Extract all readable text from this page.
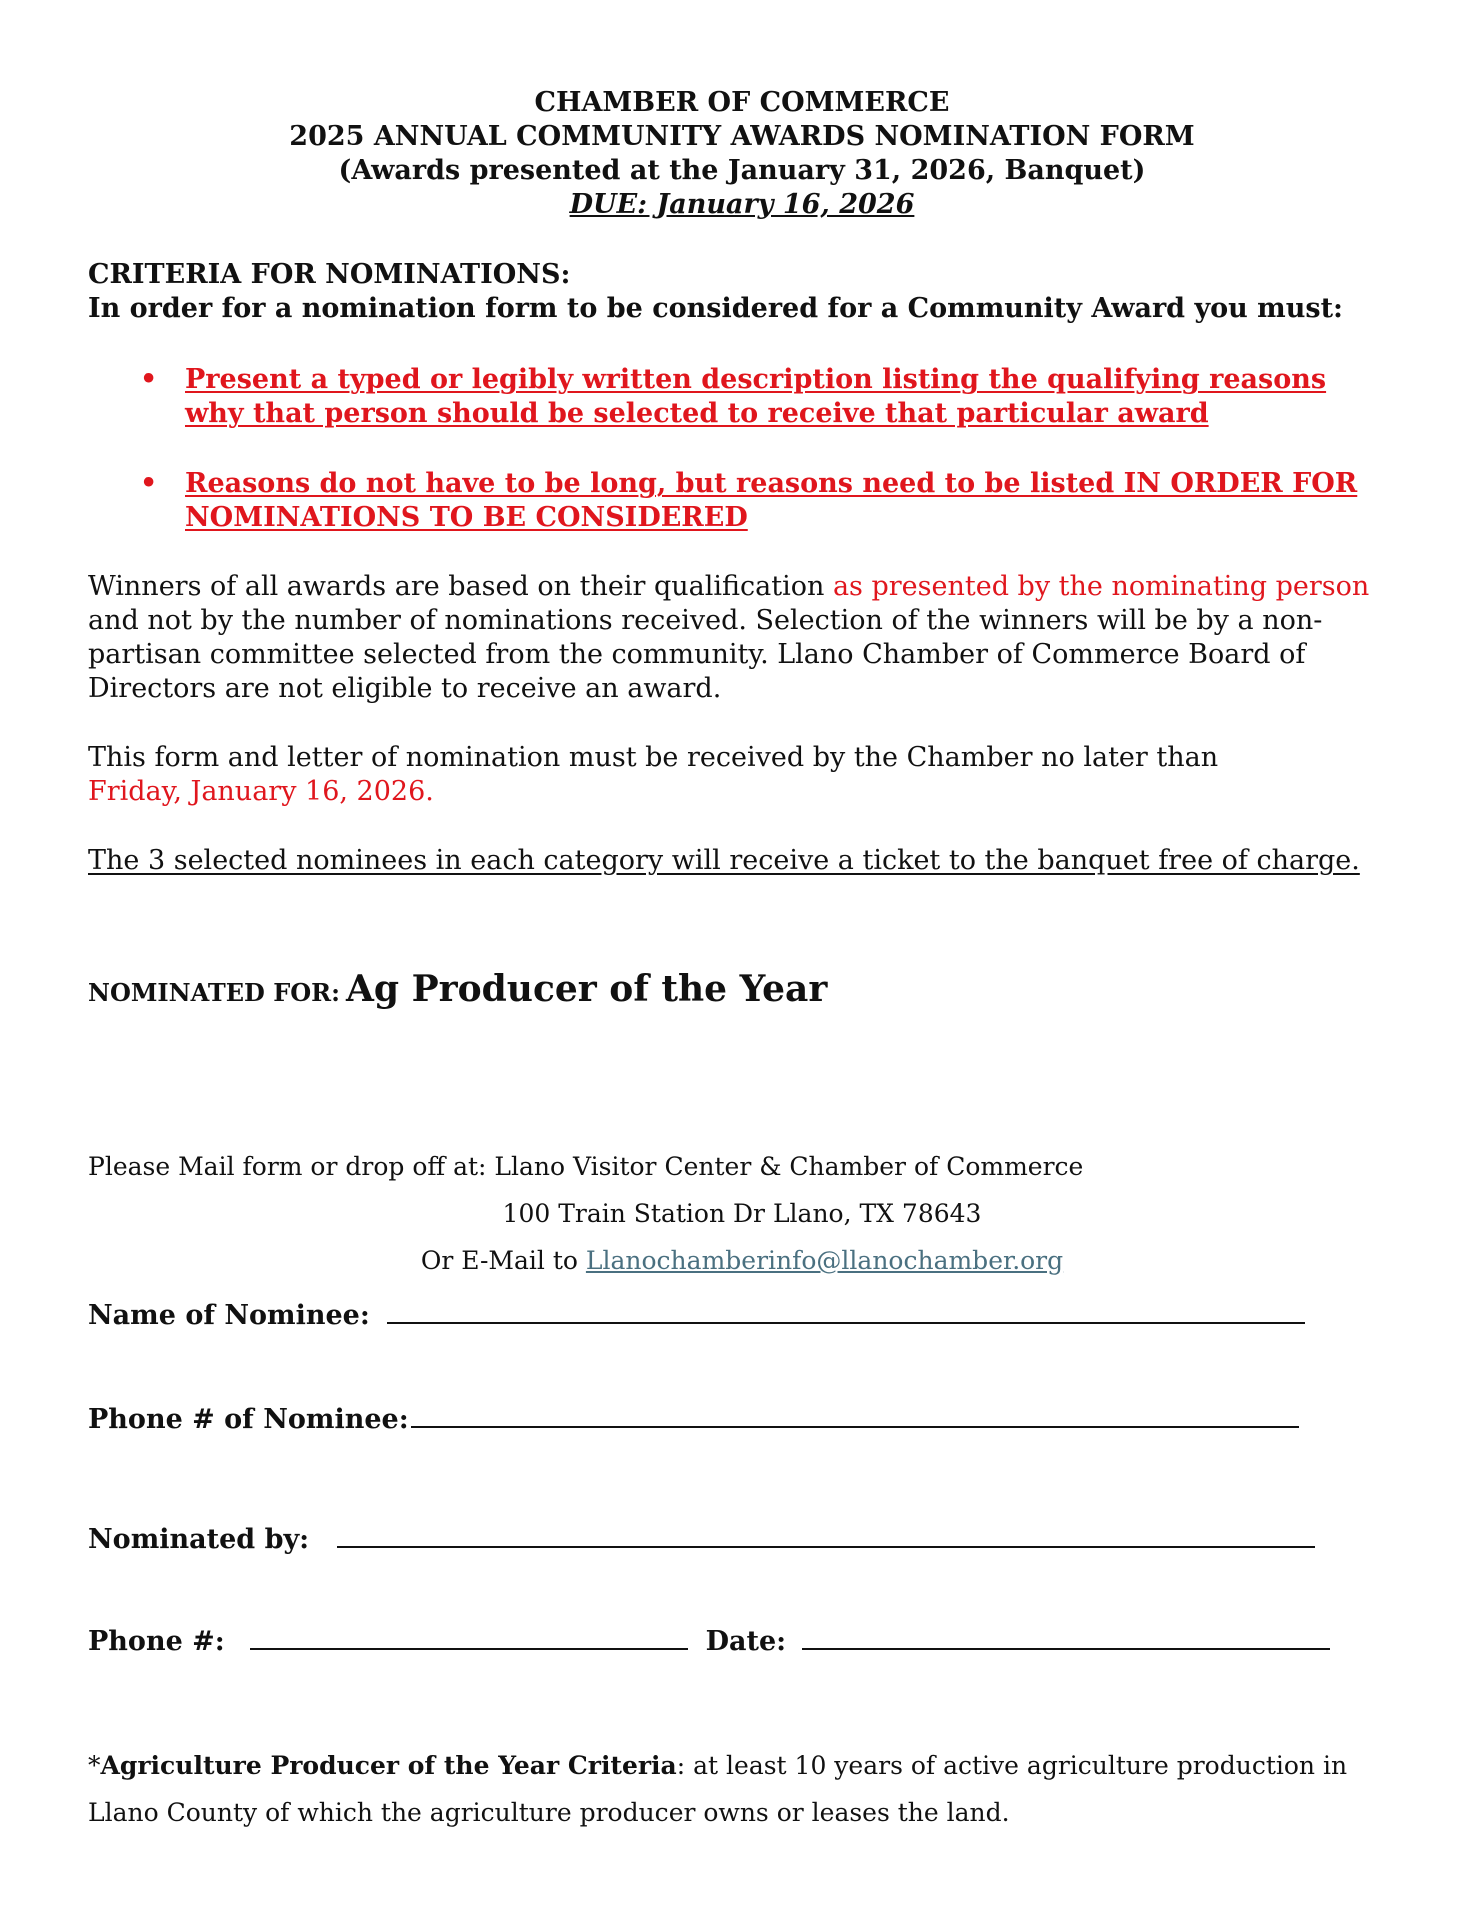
CHAMBER OF COMMERCE
2025 ANNUAL COMMUNITY AWARDS NOMINATION FORM
(Awards presented at the January 31, 2026, Banquet)
DUE: January 16, 2026
CRITERIA FOR NOMINATIONS:
In order for a nomination form to be considered for a Community Award you must:
• Present a typed or legibly written description listing the qualifying reasons why that person should be selected to receive that particular award
• Reasons do not have to be long, but reasons need to be listed IN ORDER FOR NOMINATIONS TO BE CONSIDERED
Winners of all awards are based on their qualification as presented by the nominating person and not by the number of nominations received. Selection of the winners will be by a non-partisan committee selected from the community. Llano Chamber of Commerce Board of Directors are not eligible to receive an award.
This form and letter of nomination must be received by the Chamber no later than
Friday, January 16, 2026.
The 3 selected nominees in each category will receive a ticket to the banquet free of charge.
NOMINATED FOR: Ag Producer of the Year
Please Mail form or drop off at: Llano Visitor Center & Chamber of Commerce
100 Train Station Dr Llano, TX 78643
Or E-Mail to Llanochamberinfo@llanochamber.org
Name of Nominee:
Phone # of Nominee:
Nominated by:
Phone #:	Date:
*Agriculture Producer of the Year Criteria: at least 10 years of active agriculture production in Llano County of which the agriculture producer owns or leases the land.
